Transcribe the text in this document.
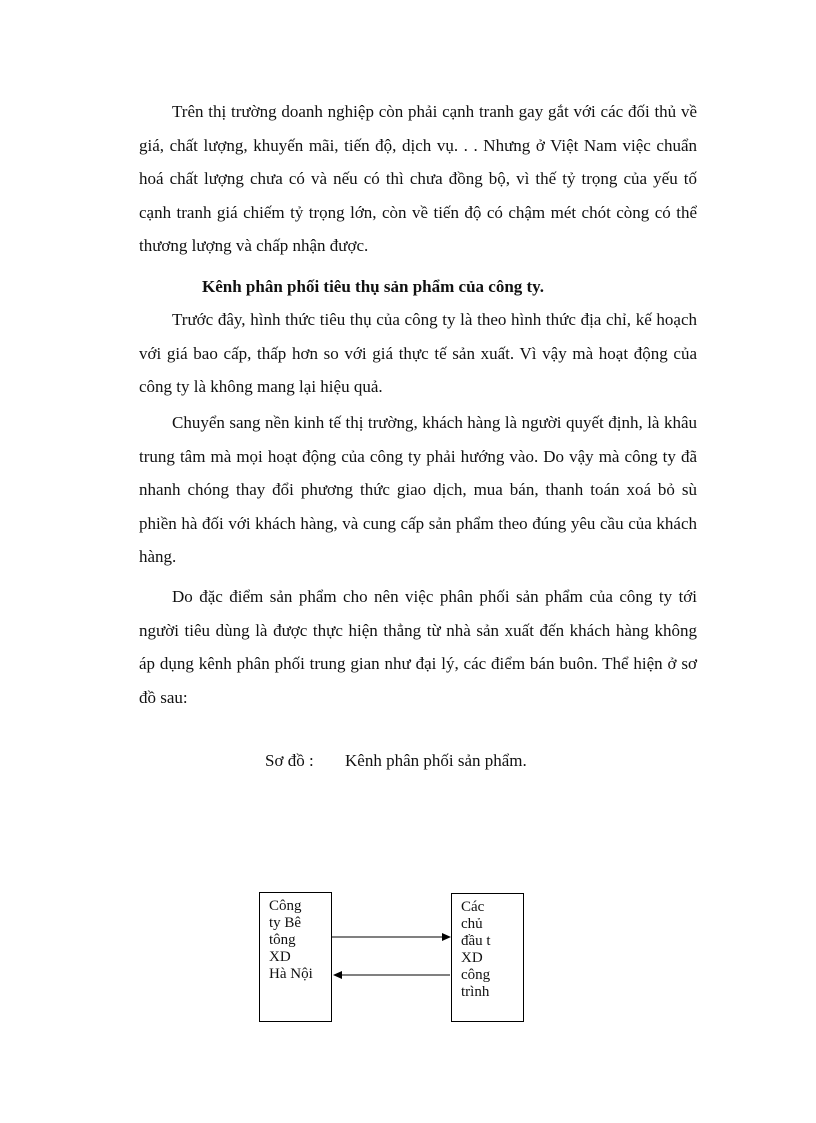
Trên thị trường doanh nghiệp còn phải cạnh tranh gay gắt với các đối thủ về giá, chất lượng, khuyến mãi, tiến độ, dịch vụ. . . Nhưng ở Việt Nam việc chuẩn hoá chất lượng chưa có và nếu có thì chưa đồng bộ, vì thế tỷ trọng của yếu tố cạnh tranh giá chiếm tỷ trọng lớn, còn về tiến độ có chậm mét chót còng có thể thương lượng và chấp nhận được.

Kênh phân phối tiêu thụ sản phẩm của công ty.

Trước đây, hình thức tiêu thụ của công ty là theo hình thức địa chỉ, kế hoạch với giá bao cấp, thấp hơn so với giá thực tế sản xuất. Vì vậy mà hoạt động của công ty là không mang lại hiệu quả.

Chuyển sang nền kinh tế thị trường, khách hàng là người quyết định, là khâu trung tâm mà mọi hoạt động của công ty phải hướng vào. Do vậy mà công ty đã nhanh chóng thay đổi phương thức giao dịch, mua bán, thanh toán xoá bỏ sù phiền hà đối với khách hàng, và cung cấp sản phẩm theo đúng yêu cầu của khách hàng.

Do đặc điểm sản phẩm cho nên việc phân phối sản phẩm của công ty tới người tiêu dùng là được thực hiện thẳng từ nhà sản xuất đến khách hàng không áp dụng kênh phân phối trung gian như đại lý, các điểm bán buôn. Thể hiện ở sơ đồ sau:

Sơ đồ : Kênh phân phối sản phẩm.
Công
ty Bê
tông
XD
Hà Nội
Các
chủ
đầu t
XD
công
trình
